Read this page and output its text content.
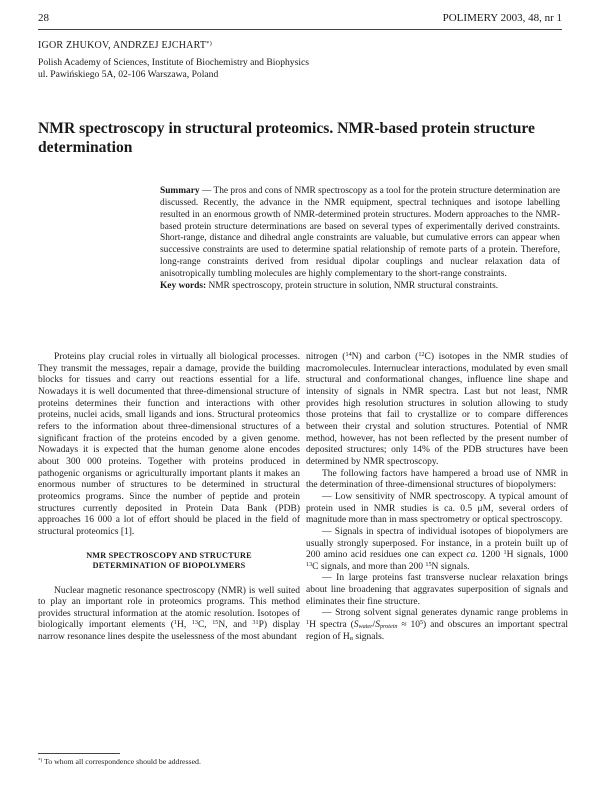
28	POLIMERY 2003, 48, nr 1
IGOR ZHUKOV, ANDRZEJ EJCHART*)
Polish Academy of Sciences, Institute of Biochemistry and Biophysics
ul. Pawińskiego 5A, 02-106 Warszawa, Poland
NMR spectroscopy in structural proteomics. NMR-based protein structure determination
Summary — The pros and cons of NMR spectroscopy as a tool for the protein structure determination are discussed. Recently, the advance in the NMR equipment, spectral techniques and isotope labelling resulted in an enormous growth of NMR-determined protein structures. Modern approaches to the NMR-based protein structure determinations are based on several types of experimentally derived constraints. Short-range, distance and dihedral angle constraints are valuable, but cumulative errors can appear when successive constraints are used to determine spatial relationship of remote parts of a protein. Therefore, long-range constraints derived from residual dipolar couplings and nuclear relaxation data of anisotropically tumbling molecules are highly complementary to the short-range constraints.
Key words: NMR spectroscopy, protein structure in solution, NMR structural constraints.

Proteins play crucial roles in virtually all biological processes. They transmit the messages, repair a damage, provide the building blocks for tissues and carry out reactions essential for a life. Nowadays it is well documented that three-dimensional structure of proteins determines their function and interactions with other proteins, nuclei acids, small ligands and ions. Structural proteomics refers to the information about three-dimensional structures of a significant fraction of the proteins encoded by a given genome. Nowadays it is expected that the human genome alone encodes about 300 000 proteins. Together with proteins produced in pathogenic organisms or agriculturally important plants it makes an enormous number of structures to be determined in structural proteomics programs. Since the number of peptide and protein structures currently deposited in Protein Data Bank (PDB) approaches 16 000 a lot of effort should be placed in the field of structural proteomics [1].

NMR SPECTROSCOPY AND STRUCTURE
DETERMINATION OF BIOPOLYMERS

Nuclear magnetic resonance spectroscopy (NMR) is well suited to play an important role in proteomics programs. This method provides structural information at the atomic resolution. Isotopes of biologically important elements ($^1$H, $^{13}$C, $^{15}$N, and $^{31}$P) display narrow resonance lines despite the uselessness of the most abundant

nitrogen ($^{14}$N) and carbon ($^{12}$C) isotopes in the NMR studies of macromolecules. Internuclear interactions, modulated by even small structural and conformational changes, influence line shape and intensity of signals in NMR spectra. Last but not least, NMR provides high resolution structures in solution allowing to study those proteins that fail to crystallize or to compare differences between their crystal and solution structures. Potential of NMR method, however, has not been reflected by the present number of deposited structures; only 14% of the PDB structures have been determined by NMR spectroscopy.

The following factors have hampered a broad use of NMR in the determination of three-dimensional structures of biopolymers:

— Low sensitivity of NMR spectroscopy. A typical amount of protein used in NMR studies is ca. 0.5 μM, several orders of magnitude more than in mass spectrometry or optical spectroscopy.

— Signals in spectra of individual isotopes of biopolymers are usually strongly superposed. For instance, in a protein built up of 200 amino acid residues one can expect ca. 1200 $^1$H signals, 1000 $^{13}$C signals, and more than 200 $^{15}$N signals.

— In large proteins fast transverse nuclear relaxation brings about line broadening that aggravates superposition of signals and eliminates their fine structure.

— Strong solvent signal generates dynamic range problems in $^1$H spectra $(S_{water}/S_{protein} \approx 10^5)$ and obscures an important spectral region of $H_\alpha$ signals.

*) To whom all correspondence should be addressed.
